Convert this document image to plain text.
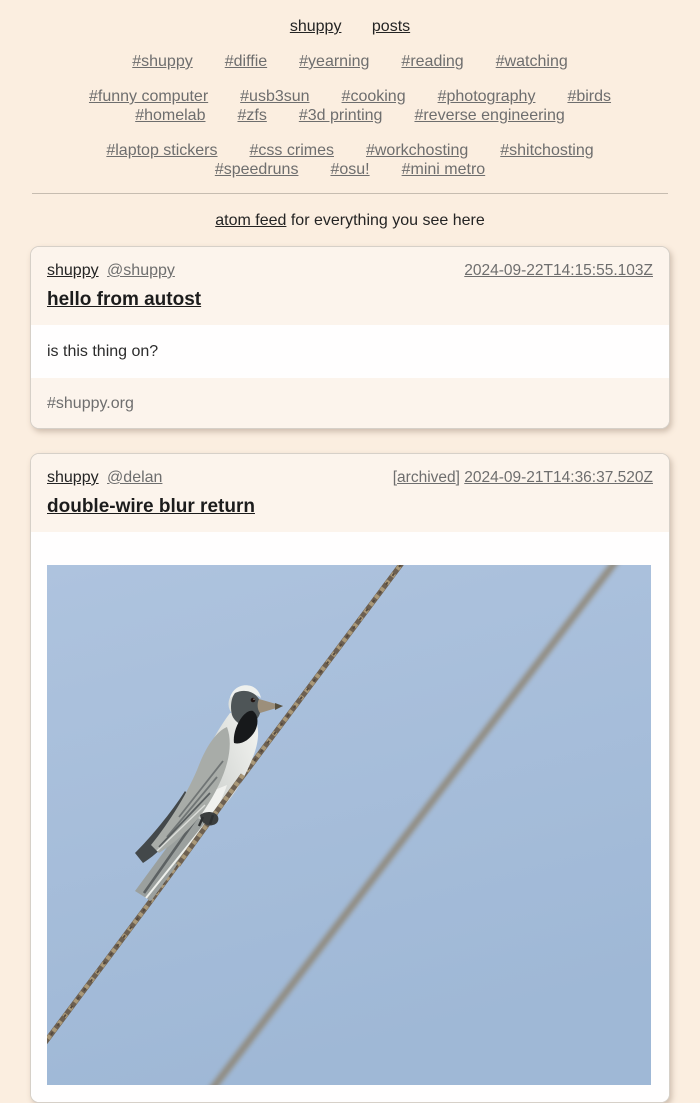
shuppy posts
#shuppy #diffie #yearning #reading #watching
#funny computer #usb3sun #cooking #photography #birds
#homelab #zfs #3d printing #reverse engineering
#laptop stickers #css crimes #workchosting #shitchosting
#speedruns #osu! #mini metro

atom feed for everything you see here

shuppy @shuppy	2024-09-22T14:15:55.103Z
hello from autost
is this thing on?
#shuppy.org
shuppy @delan	[archived] 2024-09-21T14:36:37.520Z
double-wire blur return
